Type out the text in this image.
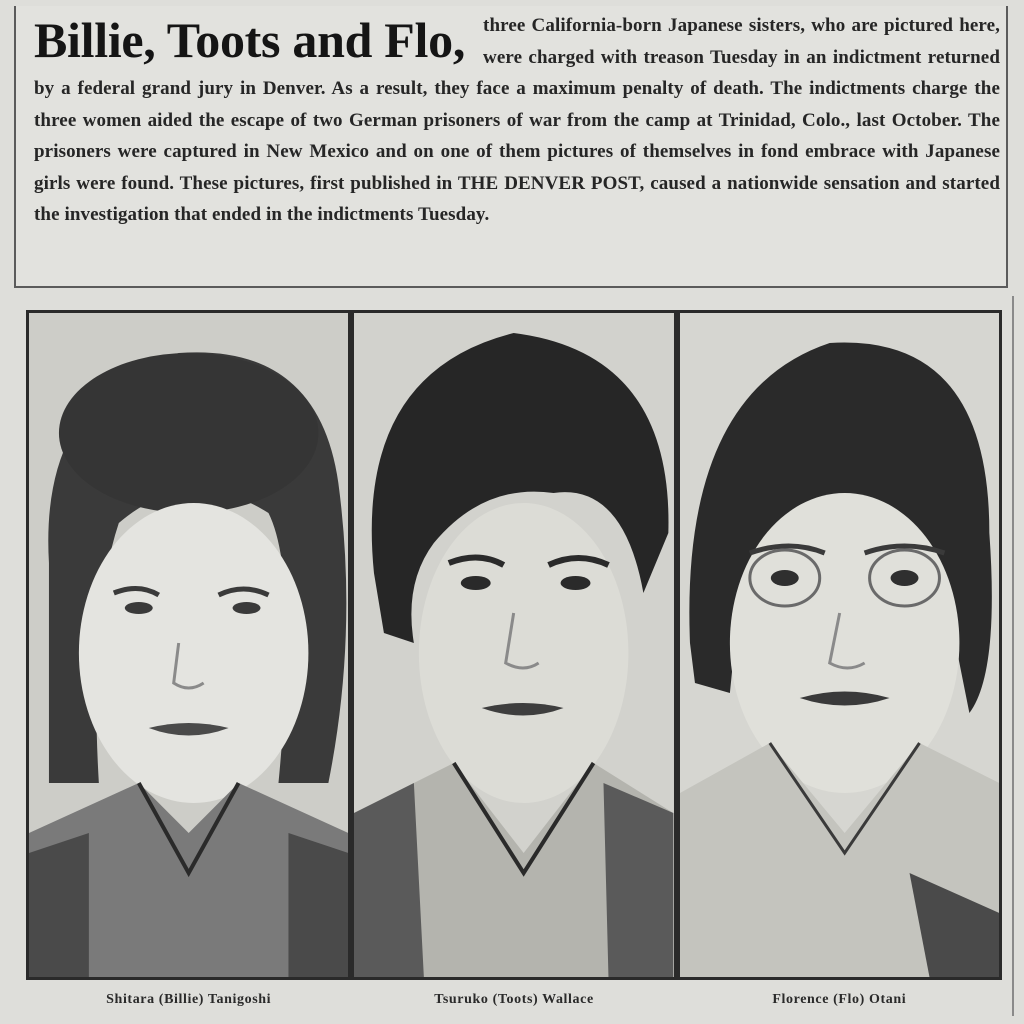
Billie, Toots and Flo, three California-born Japanese sisters, who are pictured here, were charged with treason Tuesday in an indictment returned by a federal grand jury in Denver. As a result, they face a maximum penalty of death. The indictments charge the three women aided the escape of two German prisoners of war from the camp at Trinidad, Colo., last October. The prisoners were captured in New Mexico and on one of them pictures of themselves in fond embrace with Japanese girls were found. These pictures, first published in THE DENVER POST, caused a nationwide sensation and started the investigation that ended in the indictments Tuesday.
Shitara (Billie) Tanigoshi	Tsuruko (Toots) Wallace	Florence (Flo) Otani
